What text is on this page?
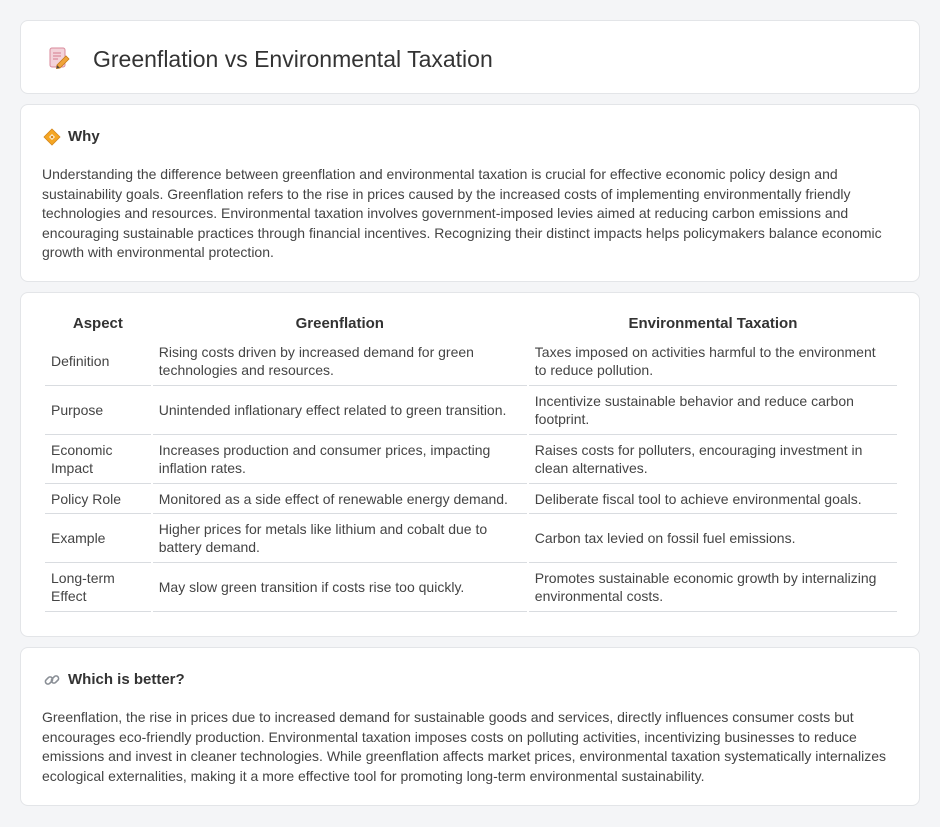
Greenflation vs Environmental Taxation
Why

Understanding the difference between greenflation and environmental taxation is crucial for effective economic policy design and sustainability goals. Greenflation refers to the rise in prices caused by the increased costs of implementing environmentally friendly technologies and resources. Environmental taxation involves government-imposed levies aimed at reducing carbon emissions and encouraging sustainable practices through financial incentives. Recognizing their distinct impacts helps policymakers balance economic growth with environmental protection.

Aspect	Greenflation	Environmental Taxation
Definition	Rising costs driven by increased demand for green technologies and resources.	Taxes imposed on activities harmful to the environment to reduce pollution.
Purpose	Unintended inflationary effect related to green transition.	Incentivize sustainable behavior and reduce carbon footprint.
Economic Impact	Increases production and consumer prices, impacting inflation rates.	Raises costs for polluters, encouraging investment in clean alternatives.
Policy Role	Monitored as a side effect of renewable energy demand.	Deliberate fiscal tool to achieve environmental goals.
Example	Higher prices for metals like lithium and cobalt due to battery demand.	Carbon tax levied on fossil fuel emissions.
Long-term Effect	May slow green transition if costs rise too quickly.	Promotes sustainable economic growth by internalizing environmental costs.
Which is better?

Greenflation, the rise in prices due to increased demand for sustainable goods and services, directly influences consumer costs but encourages eco-friendly production. Environmental taxation imposes costs on polluting activities, incentivizing businesses to reduce emissions and invest in cleaner technologies. While greenflation affects market prices, environmental taxation systematically internalizes ecological externalities, making it a more effective tool for promoting long-term environmental sustainability.
